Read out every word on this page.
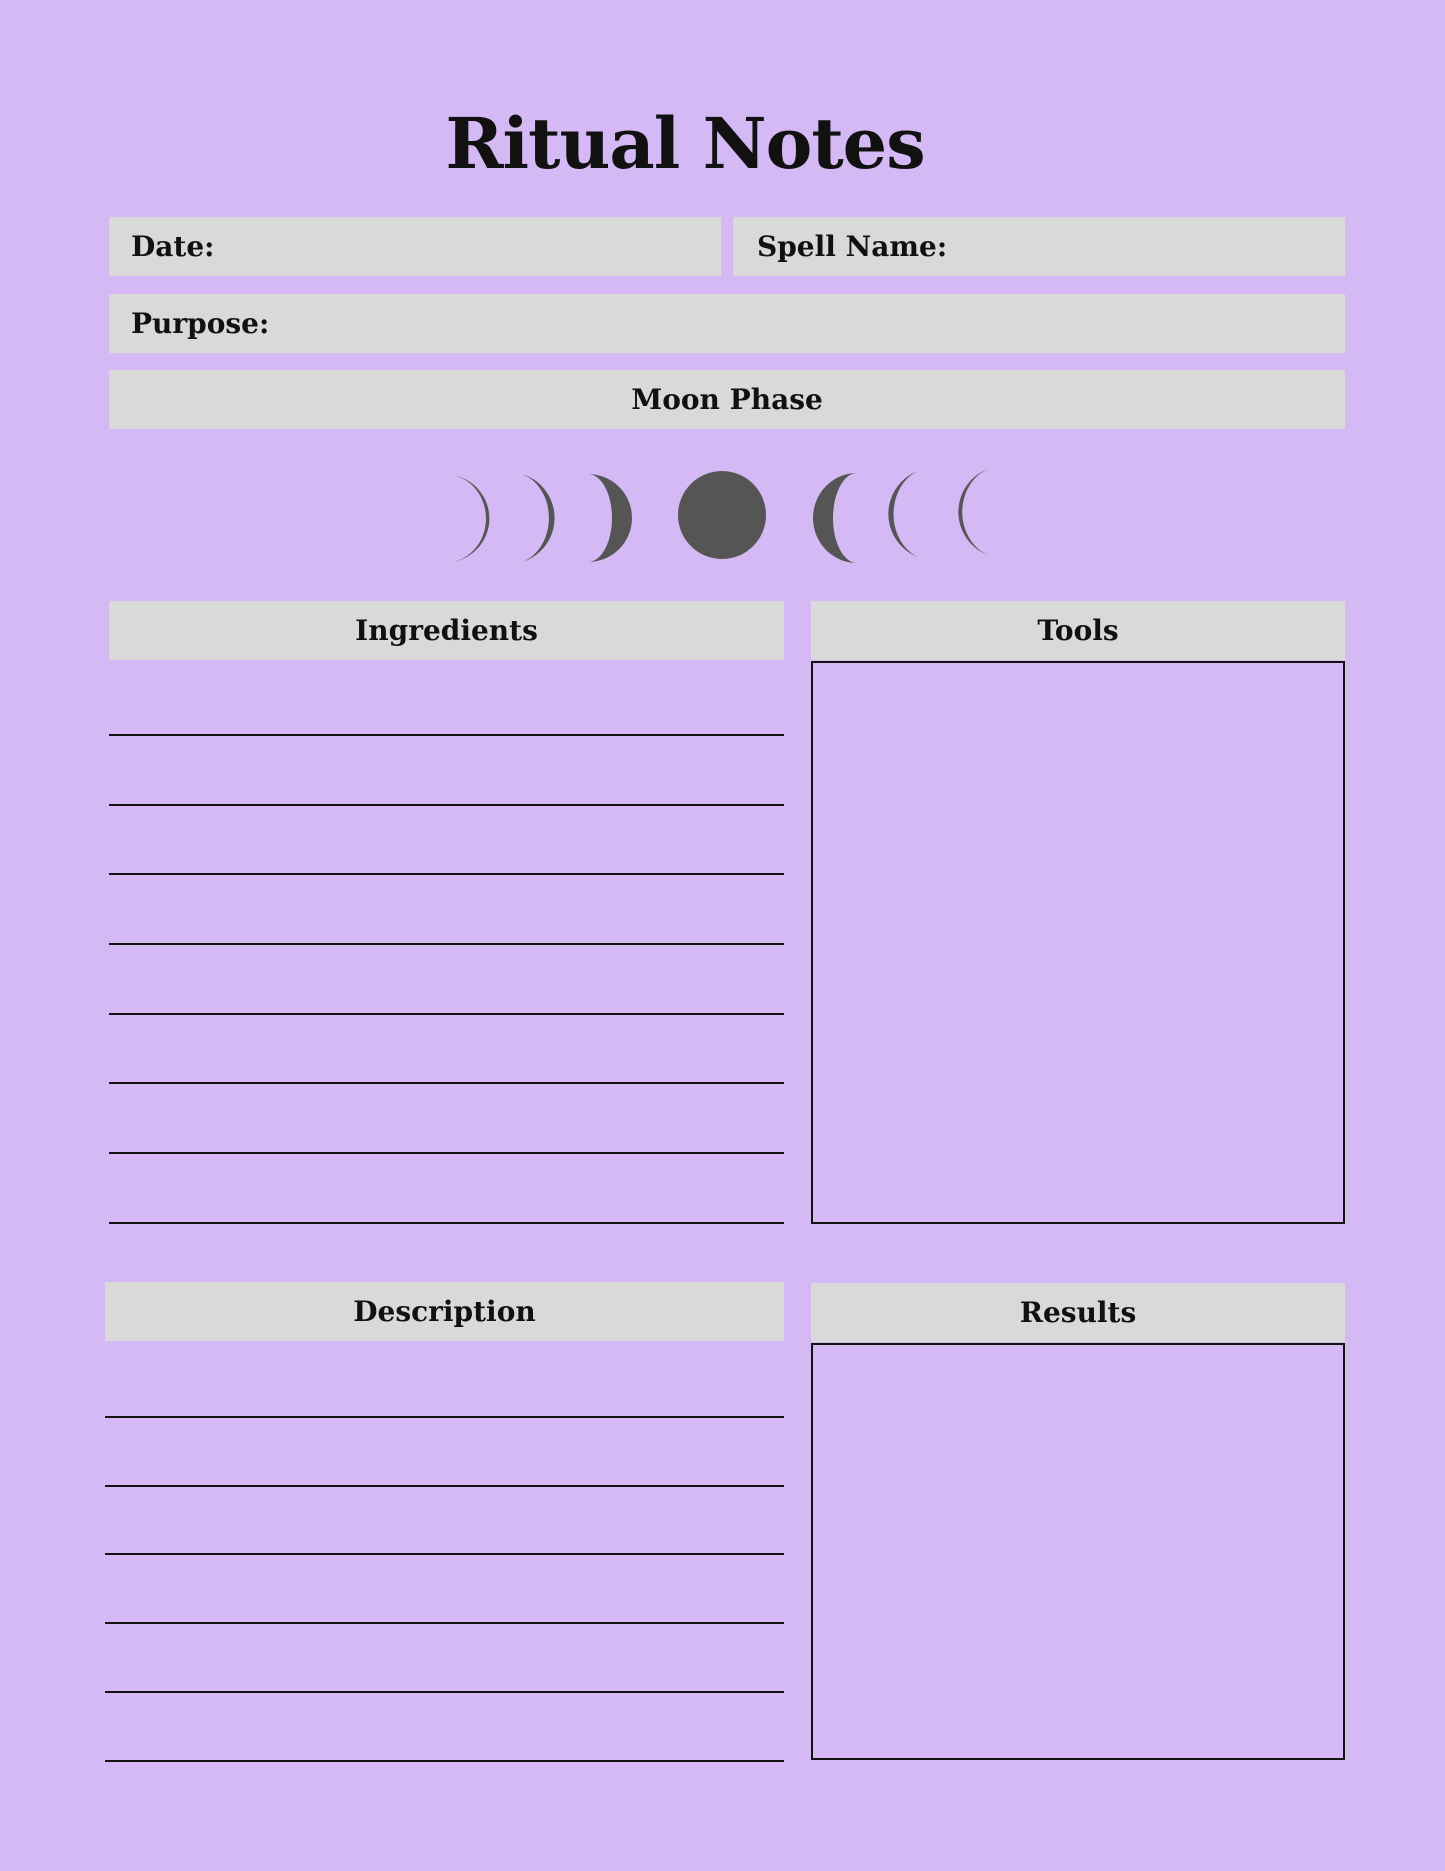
Ritual Notes
Date:	Spell Name:
Purpose:
Moon Phase
Ingredients	Tools
Description	Results
